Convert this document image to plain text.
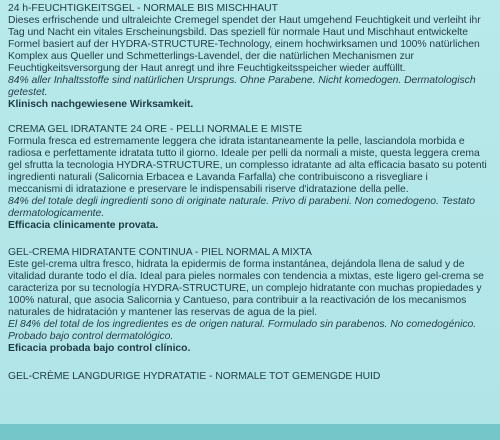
24 h-FEUCHTIGKEITSGEL - NORMALE BIS MISCHHAUT
Dieses erfrischende und ultraleichte Cremegel spendet der Haut umgehend Feuchtigkeit und verleiht ihr
Tag und Nacht ein vitales Erscheinungsbild. Das speziell für normale Haut und Mischhaut entwickelte
Formel basiert auf der HYDRA-STRUCTURE-Technology, einem hochwirksamen und 100% natürlichen
Komplex aus Queller und Schmetterlings-Lavendel, der die natürlichen Mechanismen zur
Feuchtigkeitsversorgung der Haut anregt und ihre Feuchtigkeitsspeicher wieder auffüllt.
84% aller Inhaltsstoffe sind natürlichen Ursprungs. Ohne Parabene. Nicht komedogen. Dermatologisch
getestet.
Klinisch nachgewiesene Wirksamkeit.
CREMA GEL IDRATANTE 24 ORE - PELLI NORMALE E MISTE
Formula fresca ed estremamente leggera che idrata istantaneamente la pelle, lasciandola morbida e
radiosa e perfettamente idratata tutto il giorno. Ideale per pelli da normali a miste, questa leggera crema
gel sfrutta la tecnologia HYDRA-STRUCTURE, un complesso idratante ad alta efficacia basato su potenti
ingredienti naturali (Salicornia Erbacea e Lavanda Farfalla) che contribuiscono a risvegliare i
meccanismi di idratazione e preservare le indispensabili riserve d'idratazione della pelle.
84% del totale degli ingredienti sono di originate naturale. Privo di parabeni. Non comedogeno. Testato
dermatologicamente.
Efficacia clinicamente provata.
GEL-CREMA HIDRATANTE CONTINUA - PIEL NORMAL A MIXTA
Este gel-crema ultra fresco, hidrata la epidermis de forma instantánea, dejándola llena de salud y de
vitalidad durante todo el día. Ideal para pieles normales con tendencia a mixtas, este ligero gel-crema se
caracteriza por su tecnología HYDRA-STRUCTURE, un complejo hidratante con muchas propiedades y
100% natural, que asocia Salicornia y Cantueso, para contribuir a la reactivación de los mecanismos
naturales de hidratación y mantener las reservas de agua de la piel.
El 84% del total de los ingredientes es de origen natural. Formulado sin parabenos. No comedogénico.
Probado bajo control dermatológico.
Eficacia probada bajo control clínico.
GEL-CRÈME LANGDURIGE HYDRATATIE - NORMALE TOT GEMENGDE HUID
